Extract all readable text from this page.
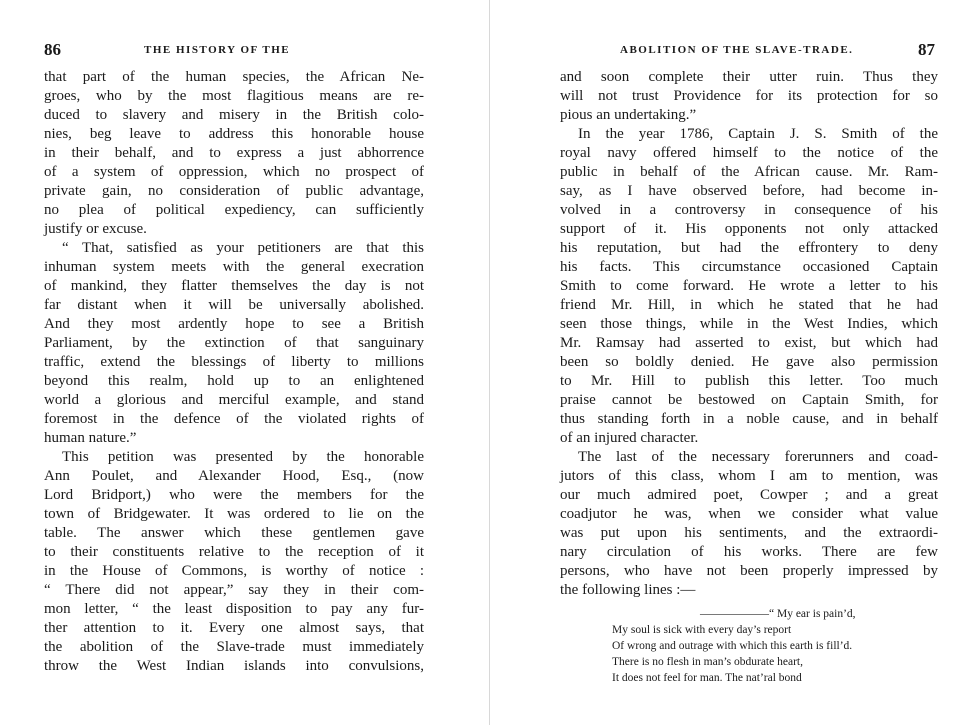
86	THE HISTORY OF THE
that part of the human species, the African Ne-
groes, who by the most flagitious means are re-
duced to slavery and misery in the British colo-
nies, beg leave to address this honorable house
in their behalf, and to express a just abhorrence
of a system of oppression, which no prospect of
private gain, no consideration of public advantage,
no plea of political expediency, can sufficiently
justify or excuse.
“ That, satisfied as your petitioners are that this
inhuman system meets with the general execration
of mankind, they flatter themselves the day is not
far distant when it will be universally abolished.
And they most ardently hope to see a British
Parliament, by the extinction of that sanguinary
traffic, extend the blessings of liberty to millions
beyond this realm, hold up to an enlightened
world a glorious and merciful example, and stand
foremost in the defence of the violated rights of
human nature.”
This petition was presented by the honorable
Ann Poulet, and Alexander Hood, Esq., (now
Lord Bridport,) who were the members for the
town of Bridgewater. It was ordered to lie on the
table. The answer which these gentlemen gave
to their constituents relative to the reception of it
in the House of Commons, is worthy of notice :
“ There did not appear,” say they in their com-
mon letter, “ the least disposition to pay any fur-
ther attention to it. Every one almost says, that
the abolition of the Slave-trade must immediately
throw the West Indian islands into convulsions,
ABOLITION OF THE SLAVE-TRADE.	87
and soon complete their utter ruin. Thus they
will not trust Providence for its protection for so
pious an undertaking.”
In the year 1786, Captain J. S. Smith of the
royal navy offered himself to the notice of the
public in behalf of the African cause. Mr. Ram-
say, as I have observed before, had become in-
volved in a controversy in consequence of his
support of it. His opponents not only attacked
his reputation, but had the effrontery to deny
his facts. This circumstance occasioned Captain
Smith to come forward. He wrote a letter to his
friend Mr. Hill, in which he stated that he had
seen those things, while in the West Indies, which
Mr. Ramsay had asserted to exist, but which had
been so boldly denied. He gave also permission
to Mr. Hill to publish this letter. Too much
praise cannot be bestowed on Captain Smith, for
thus standing forth in a noble cause, and in behalf
of an injured character.
The last of the necessary forerunners and coad-
jutors of this class, whom I am to mention, was
our much admired poet, Cowper ; and a great
coadjutor he was, when we consider what value
was put upon his sentiments, and the extraordi-
nary circulation of his works. There are few
persons, who have not been properly impressed by
the following lines :—
——————“ My ear is pain’d,
My soul is sick with every day’s report
Of wrong and outrage with which this earth is fill’d.
There is no flesh in man’s obdurate heart,
It does not feel for man. The nat’ral bond
